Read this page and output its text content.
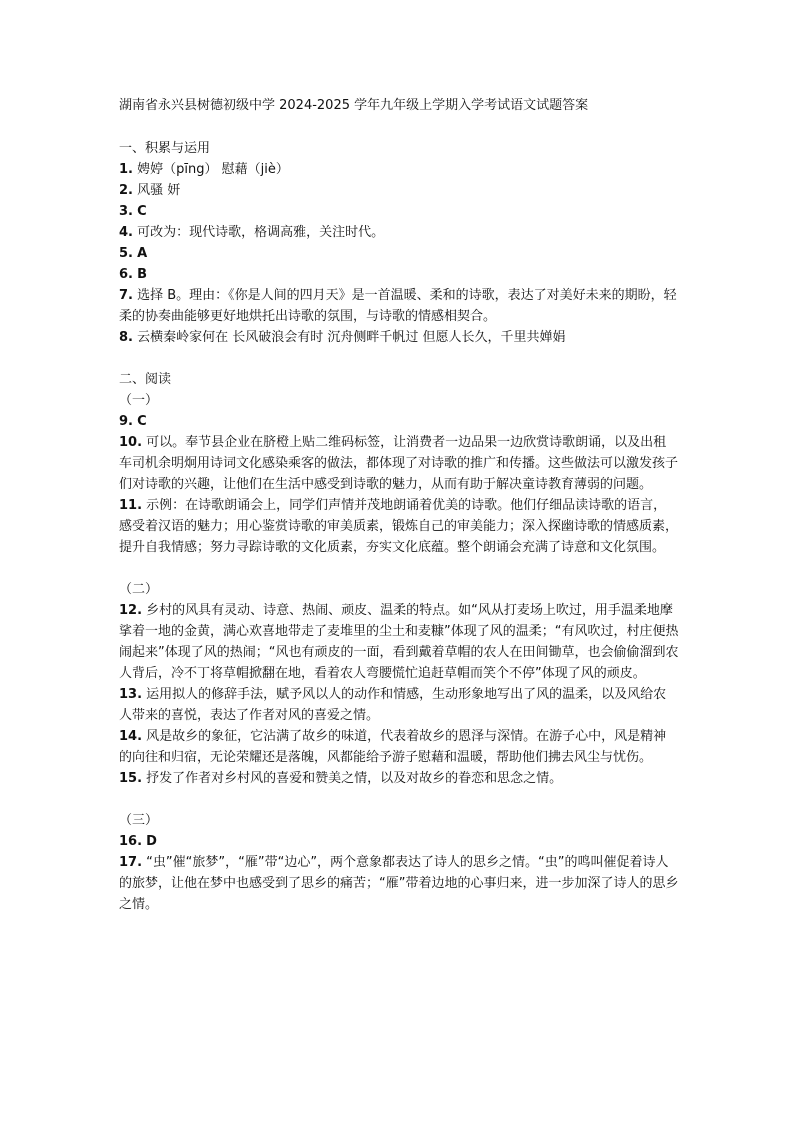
湖南省永兴县树德初级中学 2024-2025 学年九年级上学期入学考试语文试题答案

一、积累与运用

1. 娉婷（pīng） 慰藉（jiè）

2. 风骚 妍

3. C

4. 可改为：现代诗歌，格调高雅，关注时代。

5. A

6. B

7. 选择 B。理由：《你是人间的四月天》是一首温暖、柔和的诗歌，表达了对美好未来的期盼，轻柔的协奏曲能够更好地烘托出诗歌的氛围，与诗歌的情感相契合。

8. 云横秦岭家何在 长风破浪会有时 沉舟侧畔千帆过 但愿人长久，千里共婵娟

二、阅读

（一）

9. C

10. 可以。奉节县企业在脐橙上贴二维码标签，让消费者一边品果一边欣赏诗歌朗诵，以及出租车司机余明炯用诗词文化感染乘客的做法，都体现了对诗歌的推广和传播。这些做法可以激发孩子们对诗歌的兴趣，让他们在生活中感受到诗歌的魅力，从而有助于解决童诗教育薄弱的问题。

11. 示例：在诗歌朗诵会上，同学们声情并茂地朗诵着优美的诗歌。他们仔细品读诗歌的语言，感受着汉语的魅力；用心鉴赏诗歌的审美质素，锻炼自己的审美能力；深入探幽诗歌的情感质素，提升自我情感；努力寻踪诗歌的文化质素，夯实文化底蕴。整个朗诵会充满了诗意和文化氛围。

（二）

12. 乡村的风具有灵动、诗意、热闹、顽皮、温柔的特点。如“风从打麦场上吹过，用手温柔地摩挲着一地的金黄，满心欢喜地带走了麦堆里的尘土和麦糠”体现了风的温柔；“有风吹过，村庄便热闹起来”体现了风的热闹；“风也有顽皮的一面，看到戴着草帽的农人在田间锄草，也会偷偷溜到农人背后，冷不丁将草帽掀翻在地，看着农人弯腰慌忙追赶草帽而笑个不停”体现了风的顽皮。

13. 运用拟人的修辞手法，赋予风以人的动作和情感，生动形象地写出了风的温柔，以及风给农人带来的喜悦，表达了作者对风的喜爱之情。

14. 风是故乡的象征，它沾满了故乡的味道，代表着故乡的恩泽与深情。在游子心中，风是精神的向往和归宿，无论荣耀还是落魄，风都能给予游子慰藉和温暖，帮助他们拂去风尘与忧伤。

15. 抒发了作者对乡村风的喜爱和赞美之情，以及对故乡的眷恋和思念之情。

（三）

16. D

17. “虫”催“旅梦”，“雁”带“边心”，两个意象都表达了诗人的思乡之情。“虫”的鸣叫催促着诗人的旅梦，让他在梦中也感受到了思乡的痛苦；“雁”带着边地的心事归来，进一步加深了诗人的思乡之情。
